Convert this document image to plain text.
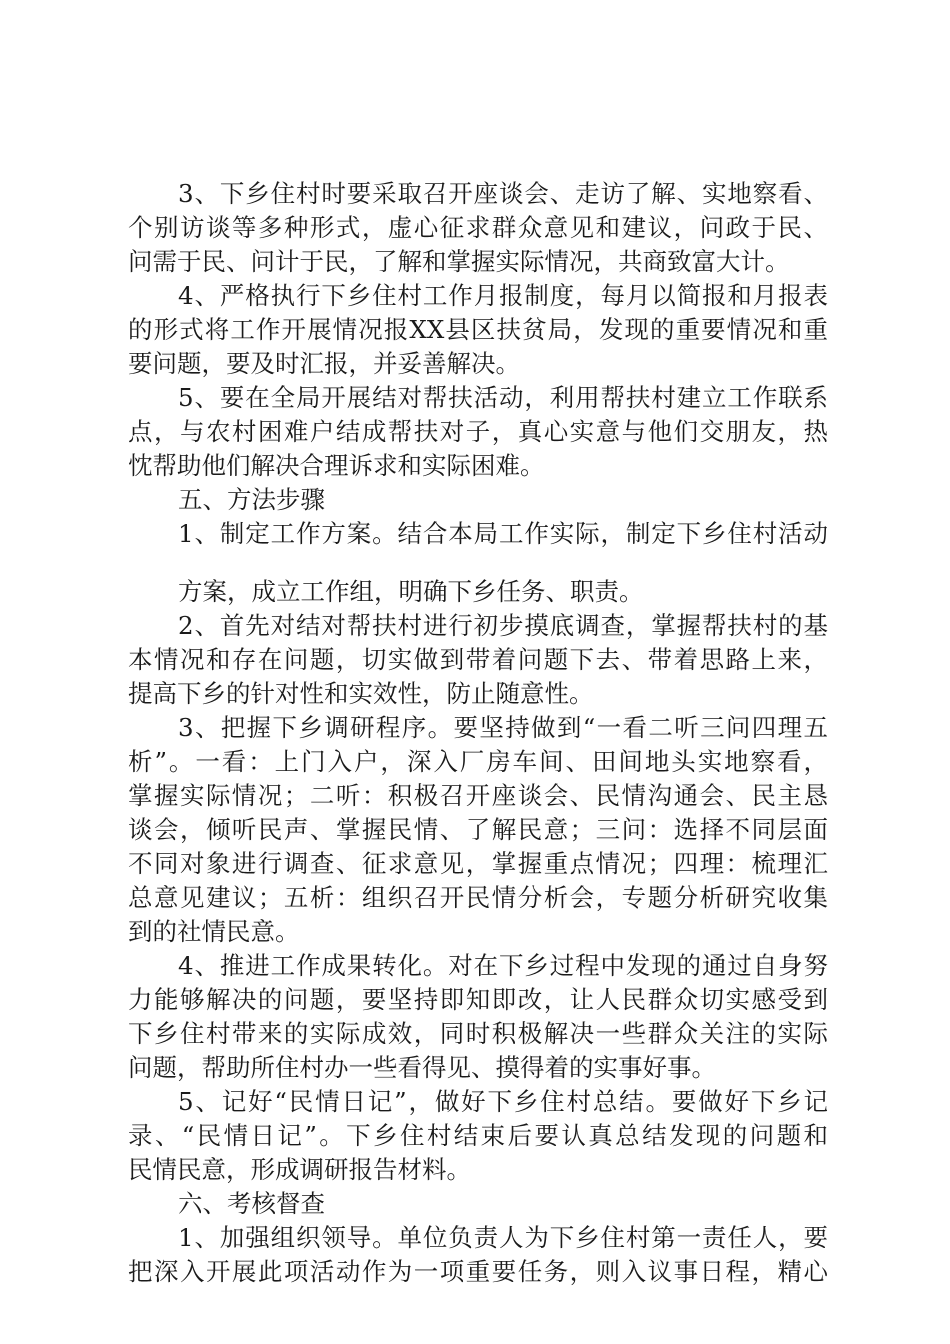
3、下乡住村时要采取召开座谈会、走访了解、实地察看、
个别访谈等多种形式，虚心征求群众意见和建议，问政于民、
问需于民、问计于民，了解和掌握实际情况，共商致富大计。
4、严格执行下乡住村工作月报制度，每月以简报和月报表
的形式将工作开展情况报XX县区扶贫局，发现的重要情况和重
要问题，要及时汇报，并妥善解决。
5、要在全局开展结对帮扶活动，利用帮扶村建立工作联系
点，与农村困难户结成帮扶对子，真心实意与他们交朋友，热
忱帮助他们解决合理诉求和实际困难。
五、方法步骤
1、制定工作方案。结合本局工作实际，制定下乡住村活动
方案，成立工作组，明确下乡任务、职责。
2、首先对结对帮扶村进行初步摸底调查，掌握帮扶村的基
本情况和存在问题，切实做到带着问题下去、带着思路上来，
提高下乡的针对性和实效性，防止随意性。
3、把握下乡调研程序。要坚持做到“一看二听三问四理五
析”。一看：上门入户，深入厂房车间、田间地头实地察看，
掌握实际情况；二听：积极召开座谈会、民情沟通会、民主恳
谈会，倾听民声、掌握民情、了解民意；三问：选择不同层面
不同对象进行调查、征求意见，掌握重点情况；四理：梳理汇
总意见建议；五析：组织召开民情分析会，专题分析研究收集
到的社情民意。
4、推进工作成果转化。对在下乡过程中发现的通过自身努
力能够解决的问题，要坚持即知即改，让人民群众切实感受到
下乡住村带来的实际成效，同时积极解决一些群众关注的实际
问题，帮助所住村办一些看得见、摸得着的实事好事。
5、记好“民情日记”，做好下乡住村总结。要做好下乡记
录、“民情日记”。下乡住村结束后要认真总结发现的问题和
民情民意，形成调研报告材料。
六、考核督查
1、加强组织领导。单位负责人为下乡住村第一责任人，要
把深入开展此项活动作为一项重要任务，则入议事日程，精心
